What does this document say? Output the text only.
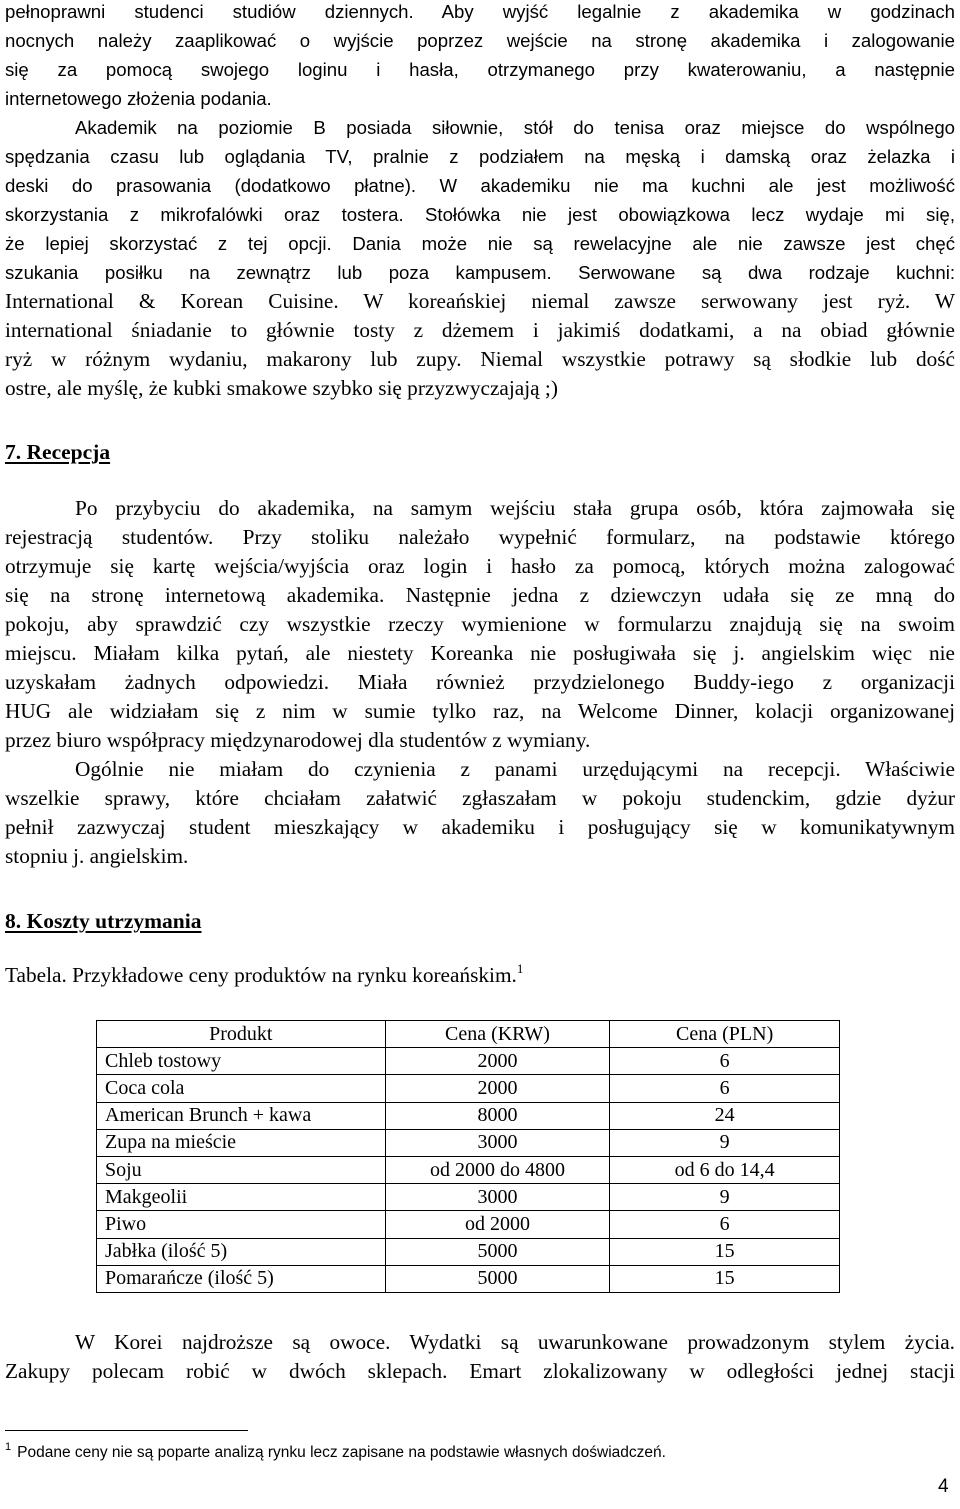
pełnoprawni studenci studiów dziennych. Aby wyjść legalnie z akademika w godzinach
nocnych należy zaaplikować o wyjście poprzez wejście na stronę akademika i zalogowanie
się za pomocą swojego loginu i hasła, otrzymanego przy kwaterowaniu, a następnie
internetowego złożenia podania.
Akademik na poziomie B posiada siłownie, stół do tenisa oraz miejsce do wspólnego
spędzania czasu lub oglądania TV, pralnie z podziałem na męską i damską oraz żelazka i
deski do prasowania (dodatkowo płatne). W akademiku nie ma kuchni ale jest możliwość
skorzystania z mikrofalówki oraz tostera. Stołówka nie jest obowiązkowa lecz wydaje mi się,
że lepiej skorzystać z tej opcji. Dania może nie są rewelacyjne ale nie zawsze jest chęć
szukania posiłku na zewnątrz lub poza kampusem. Serwowane są dwa rodzaje kuchni:
International & Korean Cuisine. W koreańskiej niemal zawsze serwowany jest ryż. W
international śniadanie to głównie tosty z dżemem i jakimiś dodatkami, a na obiad głównie
ryż w różnym wydaniu, makarony lub zupy. Niemal wszystkie potrawy są słodkie lub dość
ostre, ale myślę, że kubki smakowe szybko się przyzwyczajają ;)
7. Recepcja
Po przybyciu do akademika, na samym wejściu stała grupa osób, która zajmowała się
rejestracją studentów. Przy stoliku należało wypełnić formularz, na podstawie którego
otrzymuje się kartę wejścia/wyjścia oraz login i hasło za pomocą, których można zalogować
się na stronę internetową akademika. Następnie jedna z dziewczyn udała się ze mną do
pokoju, aby sprawdzić czy wszystkie rzeczy wymienione w formularzu znajdują się na swoim
miejscu. Miałam kilka pytań, ale niestety Koreanka nie posługiwała się j. angielskim więc nie
uzyskałam żadnych odpowiedzi. Miała również przydzielonego Buddy-iego z organizacji
HUG ale widziałam się z nim w sumie tylko raz, na Welcome Dinner, kolacji organizowanej
przez biuro współpracy międzynarodowej dla studentów z wymiany.
Ogólnie nie miałam do czynienia z panami urzędującymi na recepcji. Właściwie
wszelkie sprawy, które chciałam załatwić zgłaszałam w pokoju studenckim, gdzie dyżur
pełnił zazwyczaj student mieszkający w akademiku i posługujący się w komunikatywnym
stopniu j. angielskim.
8. Koszty utrzymania
Tabela. Przykładowe ceny produktów na rynku koreańskim.$^1$
Produkt	Cena (KRW)	Cena (PLN)
Chleb tostowy	2000	6
Coca cola	2000	6
American Brunch + kawa	8000	24
Zupa na mieście	3000	9
Soju	od 2000 do 4800	od 6 do 14,4
Makgeolii	3000	9
Piwo	od 2000	6
Jabłka (ilość 5)	5000	15
Pomarańcze (ilość 5)	5000	15
W Korei najdroższe są owoce. Wydatki są uwarunkowane prowadzonym stylem życia.
Zakupy polecam robić w dwóch sklepach. Emart zlokalizowany w odległości jednej stacji
$^1$ Podane ceny nie są poparte analizą rynku lecz zapisane na podstawie własnych doświadczeń.
4
